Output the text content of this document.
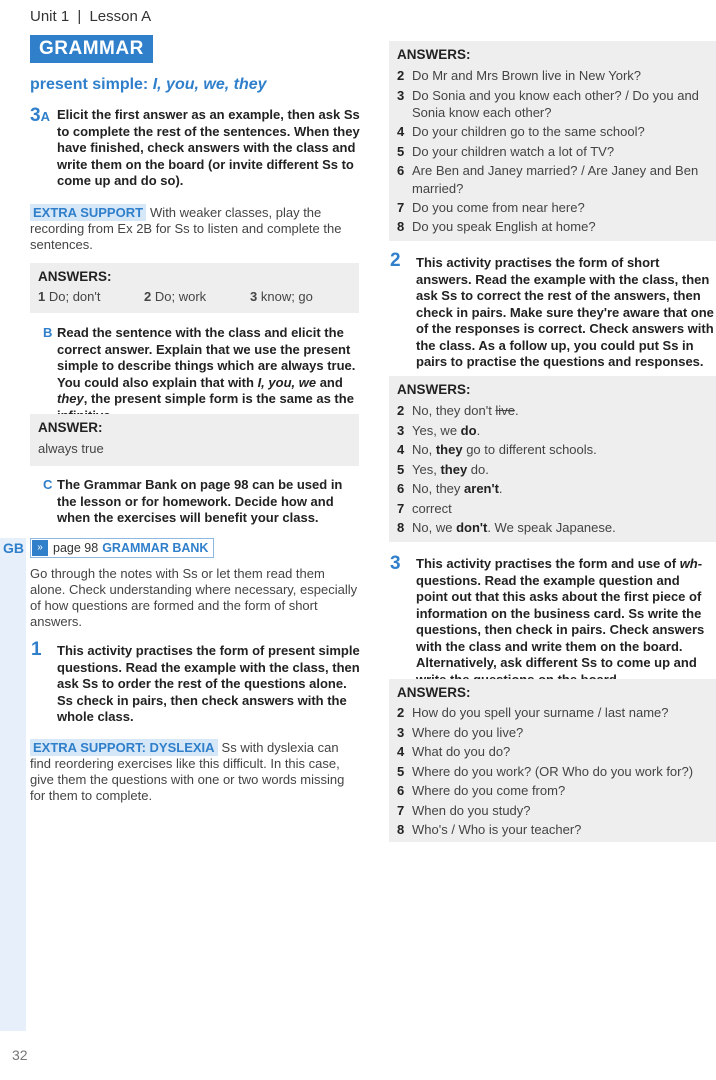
Unit 1 | Lesson A
GRAMMAR
present simple: I, you, we, they
3A Elicit the first answer as an example, then ask Ss to complete the rest of the sentences. When they have finished, check answers with the class and write them on the board (or invite different Ss to come up and do so).
EXTRA SUPPORT With weaker classes, play the recording from Ex 2B for Ss to listen and complete the sentences.
ANSWERS:
1 Do; don't	2 Do; work	3 know; go
B Read the sentence with the class and elicit the correct answer. Explain that we use the present simple to describe things which are always true. You could also explain that with I, you, we and they, the present simple form is the same as the
ANSWER:
always true
C The Grammar Bank on page 98 can be used in the lesson or for homework. Decide how and when the exercises will benefit your class.
GB	» page 98 GRAMMAR BANK
Go through the notes with Ss or let them read them alone. Check understanding where necessary, especially of how questions are formed and the form of short answers.
1 This activity practises the form of present simple questions. Read the example with the class, then ask Ss to order the rest of the questions alone. Ss check in pairs, then check answers with the whole class.
EXTRA SUPPORT: DYSLEXIA Ss with dyslexia can find reordering exercises like this difficult. In this case, give them the questions with one or two words missing for them to complete.
ANSWERS:
2 Do Mr and Mrs Brown live in New York?
3 Do Sonia and you know each other? / Do you and
Sonia know each other?
4 Do your children go to the same school?
5 Do your children watch a lot of TV?
6 Are Ben and Janey married? / Are Janey and Ben
married?
7 Do you come from near here?
8 Do you speak English at home?
2 This activity practises the form of short answers. Read the example with the class, then ask Ss to correct the rest of the answers, then check in pairs. Make sure they're aware that one of the responses is correct. Check answers with the class. As a follow up, you could put Ss in pairs to practise the questions and responses.
ANSWERS:
2 No, they don't live.
3 Yes, we do.
4 No, they go to different schools.
5 Yes, they do.
6 No, they aren't.
7 correct
8 No, we don't. We speak Japanese.
3 This activity practises the form and use of wh- questions. Read the example question and point out that this asks about the first piece of information on the business card. Ss write the questions, then check in pairs. Check answers with the class and write them on the board. Alternatively, ask different Ss to come up and
ANSWERS:
2 How do you spell your surname / last name?
3 Where do you live?
4 What do you do?
5 Where do you work? (OR Who do you work for?)
6 Where do you come from?
7 When do you study?
8 Who's / Who is your teacher?
32
